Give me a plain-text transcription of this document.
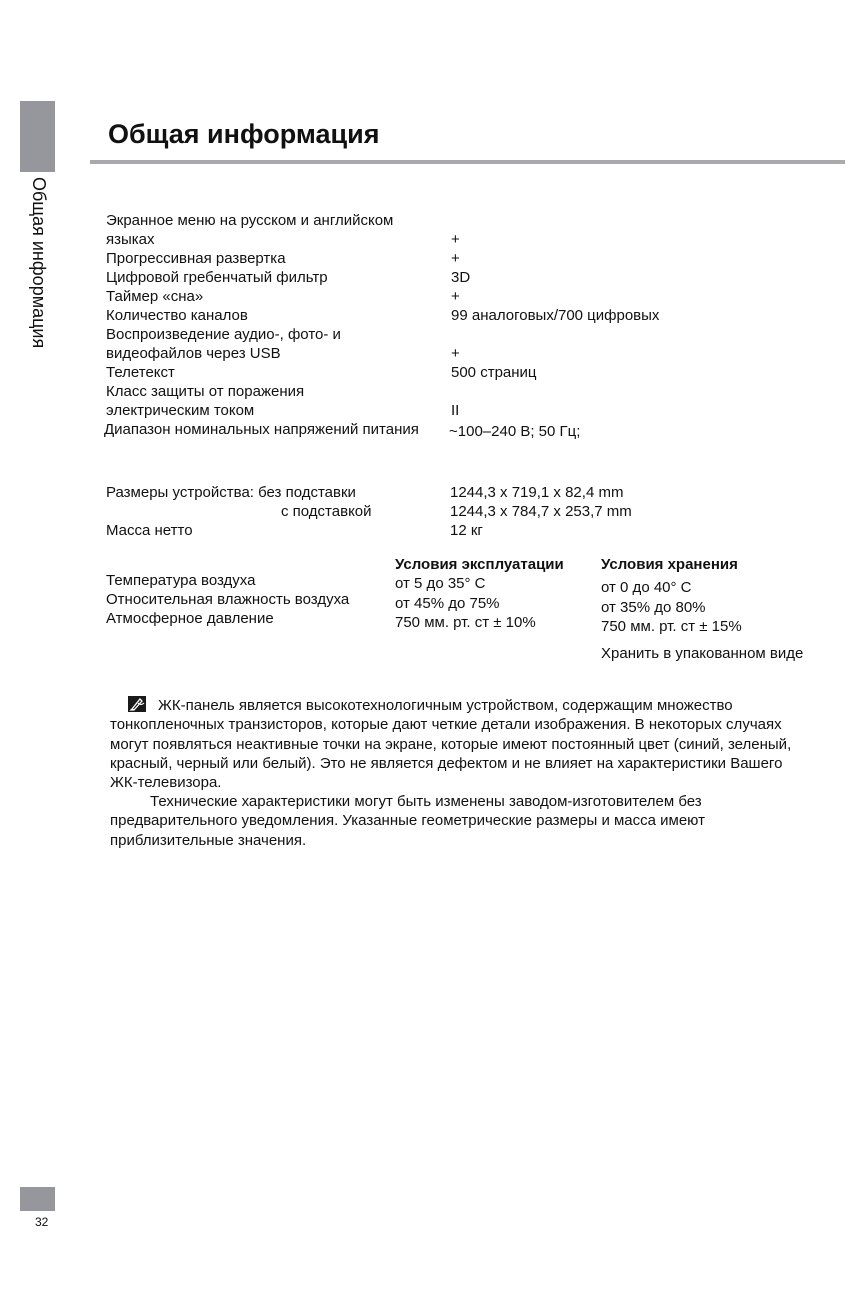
Общая информация
Общая информация

Экранное меню на русском и английском

языках	+

Прогрессивная развертка	+

Цифровой гребенчатый фильтр	3D

Таймер «сна»	+

Количество каналов	99 аналоговых/700 цифровых

Воспроизведение аудио-, фото- и

видеофайлов через USB	+

Телетекст	500 страниц

Класс защиты от поражения

электрическим током	II

Диапазон номинальных напряжений питания ~100–240 В; 50 Гц;

Размеры устройства: без подставки	1244,3 x 719,1 x 82,4 mm

с подставкой	1244,3 x 784,7 x 253,7 mm

Масса нетто	12 кг

Условия эксплуатации Условия хранения

Температура воздуха	от 5 до 35° С	от 0 до 40° С

Относительная влажность воздуха	от 45% до 75%	от 35% до 80%

Атмосферное давление	750 мм. рт. ст ± 10%	750 мм. рт. ст ± 15%

Хранить в упакованном виде

ЖК-панель является высокотехнологичным устройством, содержащим множество тонкопленочных транзисторов, которые дают четкие детали изображения. В некоторых случаях могут появляться неактивные точки на экране, которые имеют постоянный цвет (синий, зеленый, красный, черный или белый). Это не является дефектом и не влияет на характеристики Вашего ЖК-телевизора.

Технические характеристики могут быть изменены заводом-изготовителем без предварительного уведомления. Указанные геометрические размеры и масса имеют приблизительные значения.

32
